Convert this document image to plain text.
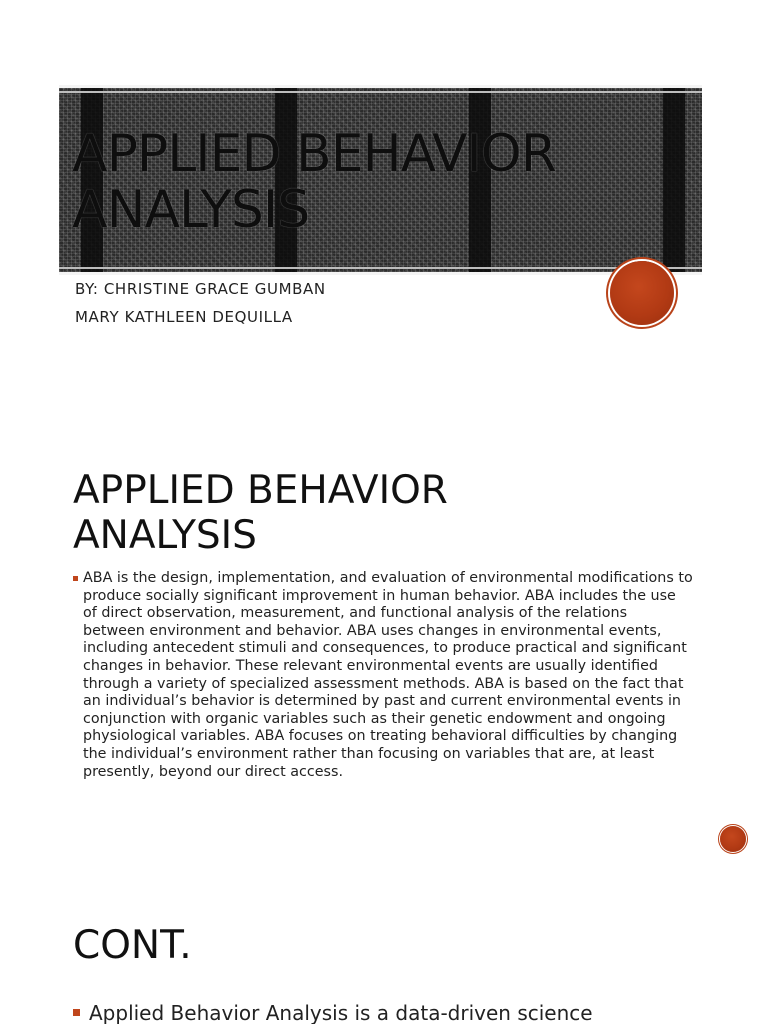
APPLIED BEHAVIOR
ANALYSIS

BY: CHRISTINE GRACE GUMBAN

MARY KATHLEEN DEQUILLA

APPLIED BEHAVIOR
ANALYSIS

ABA is the design, implementation, and evaluation of environmental modifications to produce socially significant improvement in human behavior. ABA includes the use of direct observation, measurement, and functional analysis of the relations between environment and behavior. ABA uses changes in environmental events, including antecedent stimuli and consequences, to produce practical and significant changes in behavior. These relevant environmental events are usually identified through a variety of specialized assessment methods. ABA is based on the fact that an individual’s behavior is determined by past and current environmental events in conjunction with organic variables such as their genetic endowment and ongoing physiological variables. ABA focuses on treating behavioral difficulties by changing the individual’s environment rather than focusing on variables that are, at least presently, beyond our direct access.

CONT.

Applied Behavior Analysis is a data-driven science
